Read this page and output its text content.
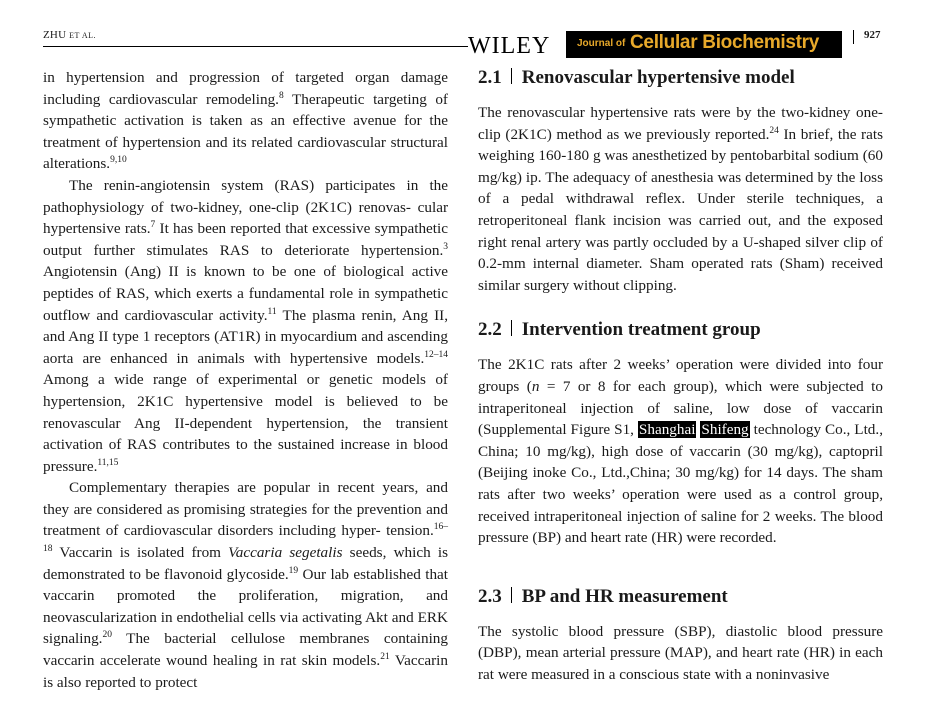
ZHU ET AL.	WILEY	Journal of Cellular Biochemistry	927

in hypertension and progression of targeted organ damage including cardiovascular remodeling.$^8$ Therapeutic targeting of sympathetic activation is taken as an effective avenue for the treatment of hypertension and its related cardiovascular structural alterations.$^{9,10}$

The renin-angiotensin system (RAS) participates in the pathophysiology of two-kidney, one-clip (2K1C) renovas- cular hypertensive rats.$^7$ It has been reported that excessive sympathetic output further stimulates RAS to deteriorate hypertension.$^3$ Angiotensin (Ang) II is known to be one of biological active peptides of RAS, which exerts a fundamental role in sympathetic outflow and cardiovascular activity.$^{11}$ The plasma renin, Ang II, and Ang II type 1 receptors (AT1R) in myocardium and ascending aorta are enhanced in animals with hypertensive models.$^{12-14}$ Among a wide range of experimental or genetic models of hypertension, 2K1C hypertensive model is believed to be renovascular Ang II-dependent hypertension, the transient activation of RAS contributes to the sustained increase in blood pressure.$^{11,15}$

Complementary therapies are popular in recent years, and they are considered as promising strategies for the prevention and treatment of cardiovascular disorders including hyper- tension.$^{16-18}$ Vaccarin is isolated from Vaccaria segetalis seeds, which is demonstrated to be flavonoid glycoside.$^{19}$ Our lab established that vaccarin promoted the proliferation, migration, and neovascularization in endothelial cells via activating Akt and ERK signaling.$^{20}$ The bacterial cellulose membranes containing vaccarin accelerate wound healing in rat skin models.$^{21}$ Vaccarin is also reported to protect

2.1 Renovascular hypertensive model

The renovascular hypertensive rats were by the two-kidney one-clip (2K1C) method as we previously reported.$^{24}$ In brief, the rats weighing 160-180 g was anesthetized by pentobarbital sodium (60 mg/kg) ip. The adequacy of anesthesia was determined by the loss of a pedal withdrawal reflex. Under sterile techniques, a retroperitoneal flank incision was carried out, and the exposed right renal artery was partly occluded by a U-shaped silver clip of 0.2-mm internal diameter. Sham operated rats (Sham) received similar surgery without clipping.

2.2 Intervention treatment group

The 2K1C rats after 2 weeks’ operation were divided into four groups (n = 7 or 8 for each group), which were subjected to intraperitoneal injection of saline, low dose of vaccarin (Supplemental Figure S1, Shanghai Shifeng technology Co., Ltd., China; 10 mg/kg), high dose of vaccarin (30 mg/kg), captopril (Beijing inoke Co., Ltd.,China; 30 mg/kg) for 14 days. The sham rats after two weeks’ operation were used as a control group, received intraperitoneal injection of saline for 2 weeks. The blood pressure (BP) and heart rate (HR) were recorded.

2.3 BP and HR measurement

The systolic blood pressure (SBP), diastolic blood pressure (DBP), mean arterial pressure (MAP), and heart rate (HR) in each rat were measured in a conscious state with a noninvasive
